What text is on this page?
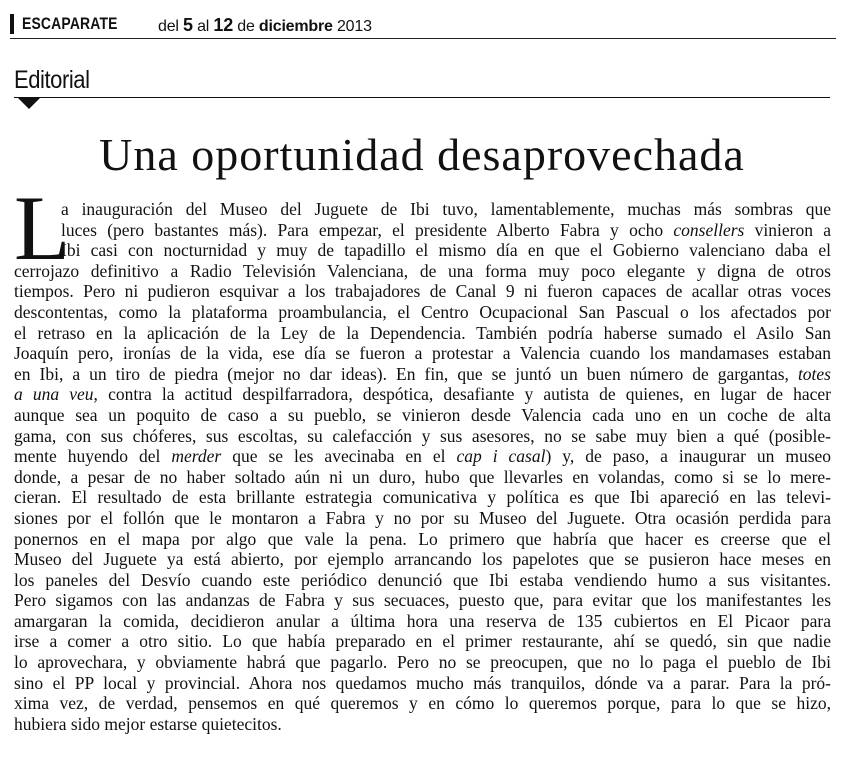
ESCAPARATE	del 5 al 12 de diciembre 2013
Editorial
Una oportunidad desaprovechada
L
a inauguración del Museo del Juguete de Ibi tuvo, lamentablemente, muchas más sombras que
luces (pero bastantes más). Para empezar, el presidente Alberto Fabra y ocho consellers vinieron a
Ibi casi con nocturnidad y muy de tapadillo el mismo día en que el Gobierno valenciano daba el
cerrojazo definitivo a Radio Televisión Valenciana, de una forma muy poco elegante y digna de otros
tiempos. Pero ni pudieron esquivar a los trabajadores de Canal 9 ni fueron capaces de acallar otras voces
descontentas, como la plataforma proambulancia, el Centro Ocupacional San Pascual o los afectados por
el retraso en la aplicación de la Ley de la Dependencia. También podría haberse sumado el Asilo San
Joaquín pero, ironías de la vida, ese día se fueron a protestar a Valencia cuando los mandamases estaban
en Ibi, a un tiro de piedra (mejor no dar ideas). En fin, que se juntó un buen número de gargantas, totes
a una veu, contra la actitud despilfarradora, despótica, desafiante y autista de quienes, en lugar de hacer
aunque sea un poquito de caso a su pueblo, se vinieron desde Valencia cada uno en un coche de alta
gama, con sus chóferes, sus escoltas, su calefacción y sus asesores, no se sabe muy bien a qué (posible-
mente huyendo del merder que se les avecinaba en el cap i casal) y, de paso, a inaugurar un museo
donde, a pesar de no haber soltado aún ni un duro, hubo que llevarles en volandas, como si se lo mere-
cieran. El resultado de esta brillante estrategia comunicativa y política es que Ibi apareció en las televi-
siones por el follón que le montaron a Fabra y no por su Museo del Juguete. Otra ocasión perdida para
ponernos en el mapa por algo que vale la pena. Lo primero que habría que hacer es creerse que el
Museo del Juguete ya está abierto, por ejemplo arrancando los papelotes que se pusieron hace meses en
los paneles del Desvío cuando este periódico denunció que Ibi estaba vendiendo humo a sus visitantes.
Pero sigamos con las andanzas de Fabra y sus secuaces, puesto que, para evitar que los manifestantes les
amargaran la comida, decidieron anular a última hora una reserva de 135 cubiertos en El Picaor para
irse a comer a otro sitio. Lo que había preparado en el primer restaurante, ahí se quedó, sin que nadie
lo aprovechara, y obviamente habrá que pagarlo. Pero no se preocupen, que no lo paga el pueblo de Ibi
sino el PP local y provincial. Ahora nos quedamos mucho más tranquilos, dónde va a parar. Para la pró-
xima vez, de verdad, pensemos en qué queremos y en cómo lo queremos porque, para lo que se hizo,
hubiera sido mejor estarse quietecitos.
